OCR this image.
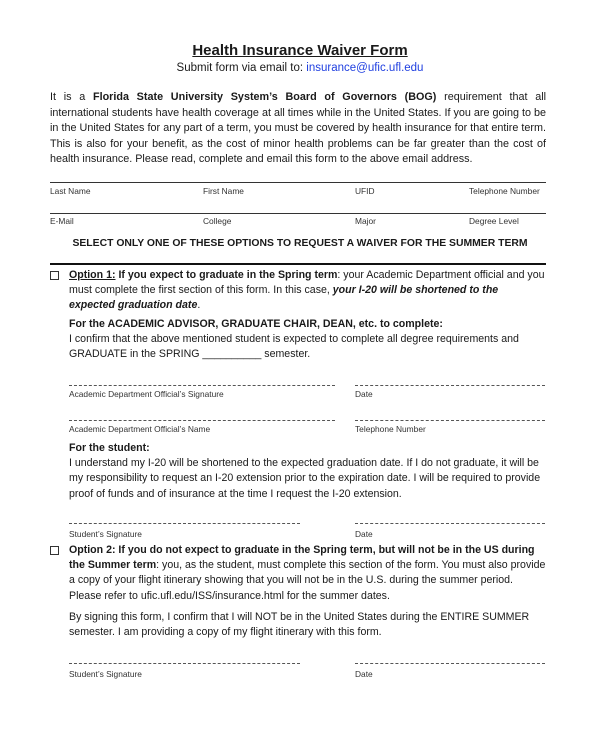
Health Insurance Waiver Form
Submit form via email to: insurance@ufic.ufl.edu
It is a Florida State University System’s Board of Governors (BOG) requirement that all international students have health coverage at all times while in the United States. If you are going to be in the United States for any part of a term, you must be covered by health insurance for that entire term. This is also for your benefit, as the cost of minor health problems can be far greater than the cost of health insurance. Please read, complete and email this form to the above email address.
Last Name	First Name	UFID	Telephone Number
E-Mail	College	Major	Degree Level
SELECT ONLY ONE OF THESE OPTIONS TO REQUEST A WAIVER FOR THE SUMMER TERM
Option 1: If you expect to graduate in the Spring term: your Academic Department official and you must complete the first section of this form. In this case, your I-20 will be shortened to the expected graduation date.
For the ACADEMIC ADVISOR, GRADUATE CHAIR, DEAN, etc. to complete:
I confirm that the above mentioned student is expected to complete all degree requirements and GRADUATE in the SPRING __________ semester.
Academic Department Official’s Signature	Date
Academic Department Official’s Name	Telephone Number
For the student:
I understand my I-20 will be shortened to the expected graduation date. If I do not graduate, it will be my responsibility to request an I-20 extension prior to the expiration date. I will be required to provide proof of funds and of insurance at the time I request the I-20 extension.
Student’s Signature	Date
Option 2: If you do not expect to graduate in the Spring term, but will not be in the US during the Summer term: you, as the student, must complete this section of the form. You must also provide a copy of your flight itinerary showing that you will not be in the U.S. during the summer period. Please refer to ufic.ufl.edu/ISS/insurance.html for the summer dates.
By signing this form, I confirm that I will NOT be in the United States during the ENTIRE SUMMER semester. I am providing a copy of my flight itinerary with this form.
Student’s Signature	Date
